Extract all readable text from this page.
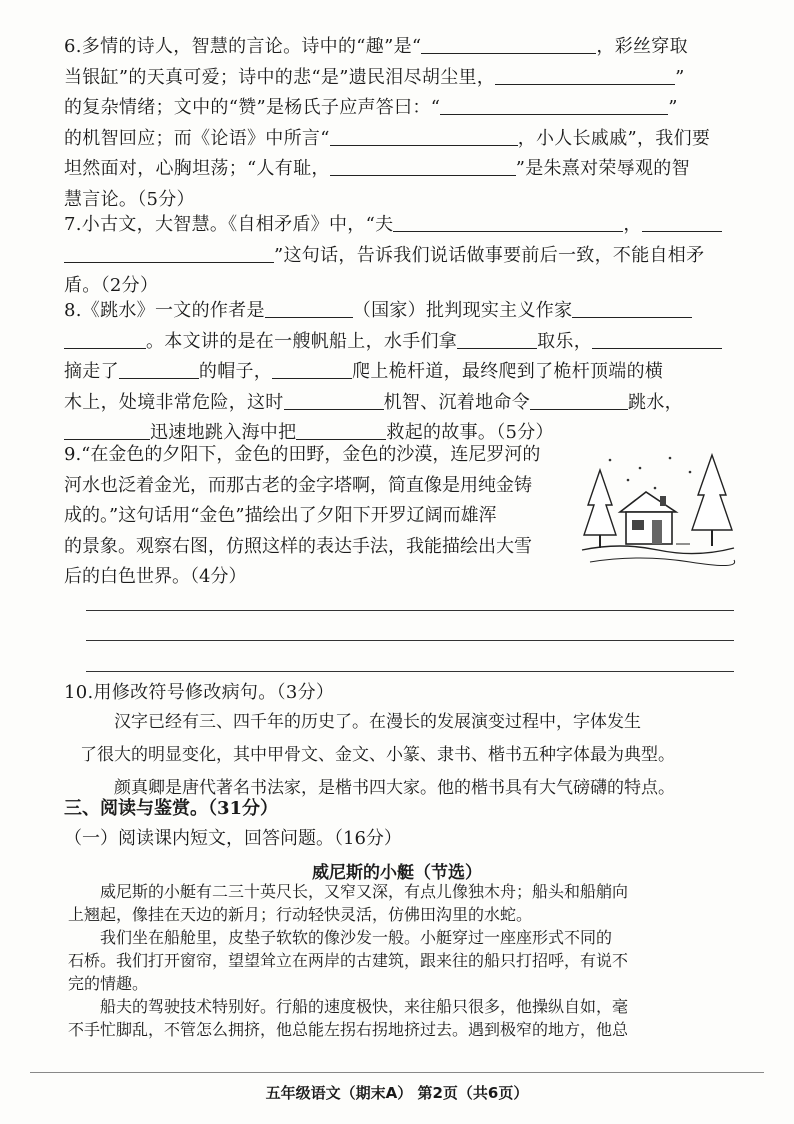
6.多情的诗人，智慧的言论。诗中的“趣”是“	，彩丝穿取

当银缸”的天真可爱；诗中的悲“是”遗民泪尽胡尘里，	”

的复杂情绪；文中的“赞”是杨氏子应声答曰：“	”

的机智回应；而《论语》中所言“	，小人长戚戚”，我们要

坦然面对，心胸坦荡；“人有耻，	”是朱熹对荣辱观的智

慧言论。（5分）

7.小古文，大智慧。《自相矛盾》中，“夫	，

”这句话，告诉我们说话做事要前后一致，不能自相矛

盾。（2分）

8.《跳水》一文的作者是	（国家）批判现实主义作家

。本文讲的是在一艘帆船上，水手们拿	取乐，

摘走了	的帽子，	爬上桅杆道，最终爬到了桅杆顶端的横

木上，处境非常危险，这时	机智、沉着地命令	跳水，

迅速地跳入海中把	救起的故事。（5分）

9.“在金色的夕阳下，金色的田野，金色的沙漠，连尼罗河的

河水也泛着金光，而那古老的金字塔啊，简直像是用纯金铸

成的。”这句话用“金色”描绘出了夕阳下开罗辽阔而雄浑

的景象。观察右图，仿照这样的表达手法，我能描绘出大雪

后的白色世界。（4分）

10.用修改符号修改病句。（3分）

汉字已经有三、四千年的历史了。在漫长的发展演变过程中，字体发生

了很大的明显变化，其中甲骨文、金文、小篆、隶书、楷书五种字体最为典型。

颜真卿是唐代著名书法家，是楷书四大家。他的楷书具有大气磅礴的特点。

三、阅读与鉴赏。（31分）
（一）阅读课内短文，回答问题。（16分）
威尼斯的小艇（节选）

威尼斯的小艇有二三十英尺长，又窄又深，有点儿像独木舟；船头和船艄向

上翘起，像挂在天边的新月；行动轻快灵活，仿佛田沟里的水蛇。

我们坐在船舱里，皮垫子软软的像沙发一般。小艇穿过一座座形式不同的

石桥。我们打开窗帘，望望耸立在两岸的古建筑，跟来往的船只打招呼，有说不

完的情趣。

船夫的驾驶技术特别好。行船的速度极快，来往船只很多，他操纵自如，毫

不手忙脚乱，不管怎么拥挤，他总能左拐右拐地挤过去。遇到极窄的地方，他总

五年级语文（期末A） 第2页（共6页）
